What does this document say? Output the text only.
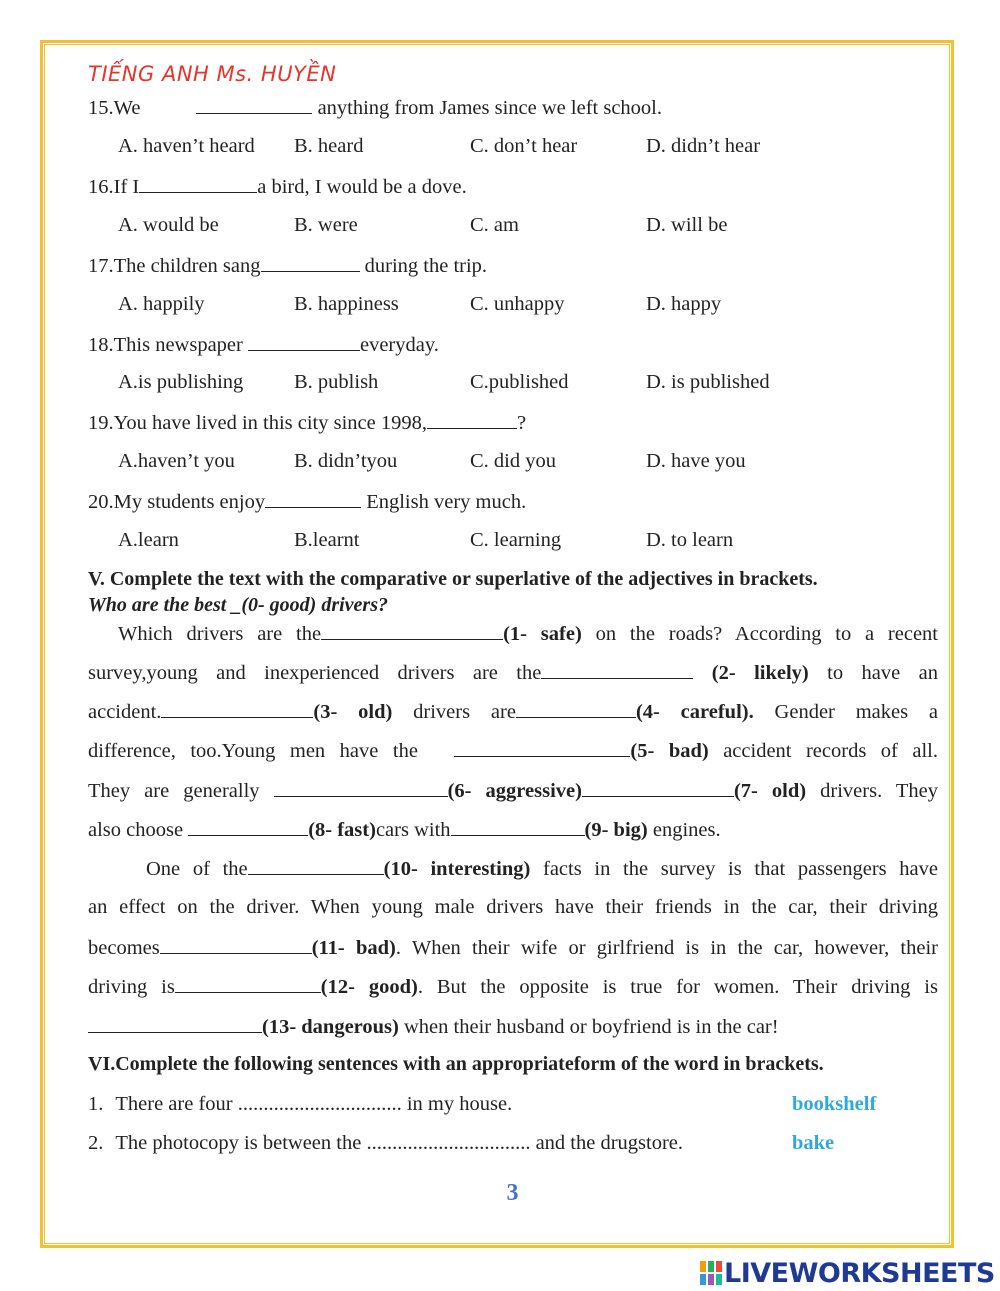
TIẾNG ANH Ms. HUYỀN
15.We	anything from James since we left school.
A. haven’t heard B. heard	C. don’t hear	D. didn’t hear
16.If I	a bird, I would be a dove.
A. would be	B. were	C. am	D. will be
17.The children sang	during the trip.
A. happily	B. happiness	C. unhappy	D. happy
18.This newspaper	everyday.
A.is publishing B. publish	C.published	D. is published
19.You have lived in this city since 1998,	?
A.haven’t you	B. didn’tyou	C. did you	D. have you
20.My students enjoy	English very much.
A.learn	B.learnt	C. learning	D. to learn
V. Complete the text with the comparative or superlative of the adjectives in brackets.
Who are the best _(0- good) drivers?
Which drivers are the	(1- safe) on the roads? According to a recent
survey,young and inexperienced drivers are the	(2- likely) to have an
accident.	(3- old) drivers are	(4- careful). Gender makes a
difference, too.Young men have the	(5- bad) accident records of all.
They are generally	(6- aggressive)	(7- old) drivers. They
also choose	(8- fast)cars with	(9- big) engines.
One of the	(10- interesting) facts in the survey is that passengers have
an effect on the driver. When young male drivers have their friends in the car, their driving
becomes	(11- bad). When their wife or girlfriend is in the car, however, their
driving is	(12- good). But the opposite is true for women. Their driving is
(13- dangerous) when their husband or boyfriend is in the car!
VI.Complete the following sentences with an appropriateform of the word in brackets.
1. There are four ................................ in my house.	bookshelf
2. The photocopy is between the ................................ and the drugstore.	bake
3
LIVEWORKSHEETS
